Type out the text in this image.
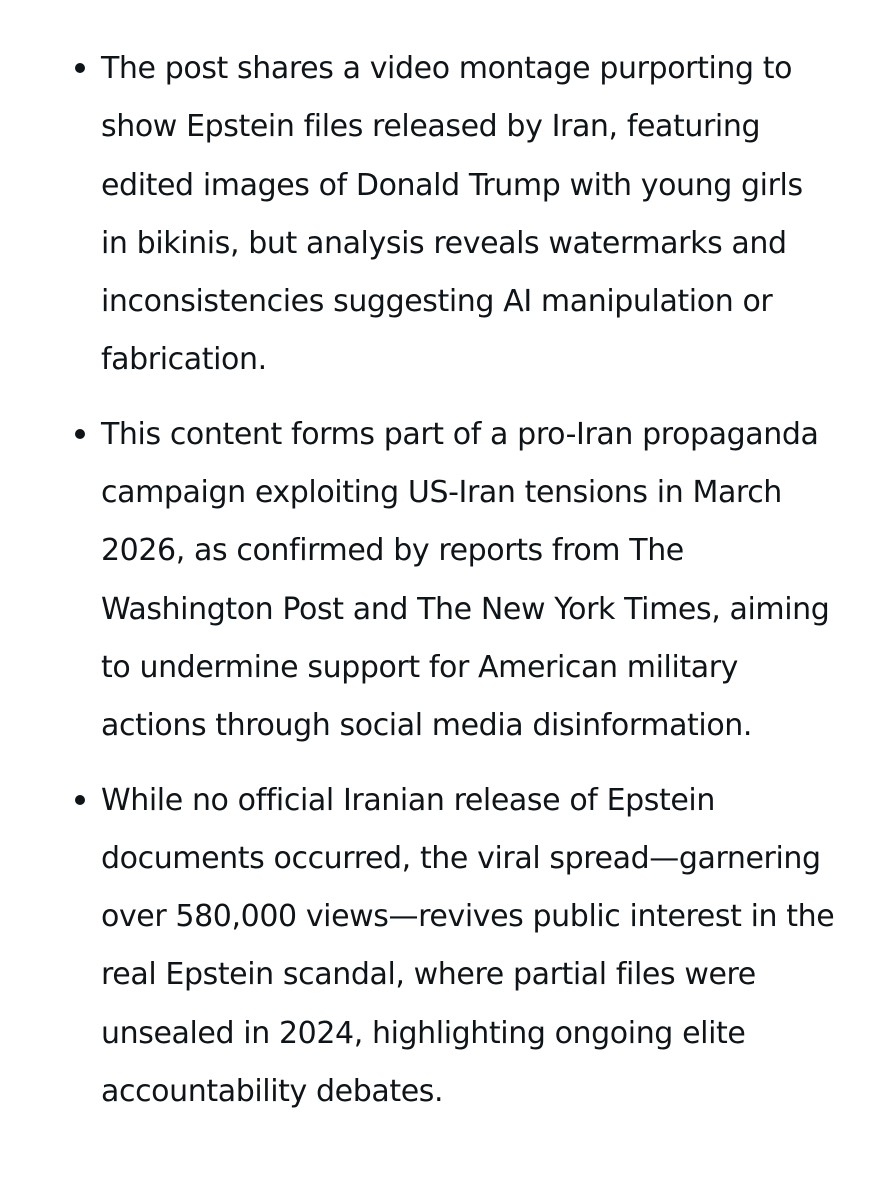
The post shares a video montage purporting to show Epstein files released by Iran, featuring edited images of Donald Trump with young girls in bikinis, but analysis reveals watermarks and inconsistencies suggesting AI manipulation or fabrication.
This content forms part of a pro-Iran propaganda campaign exploiting US-Iran tensions in March 2026, as confirmed by reports from The Washington Post and The New York Times, aiming to undermine support for American military actions through social media disinformation.
While no official Iranian release of Epstein documents occurred, the viral spread—garnering over 580,000 views—revives public interest in the real Epstein scandal, where partial files were unsealed in 2024, highlighting ongoing elite accountability debates.
